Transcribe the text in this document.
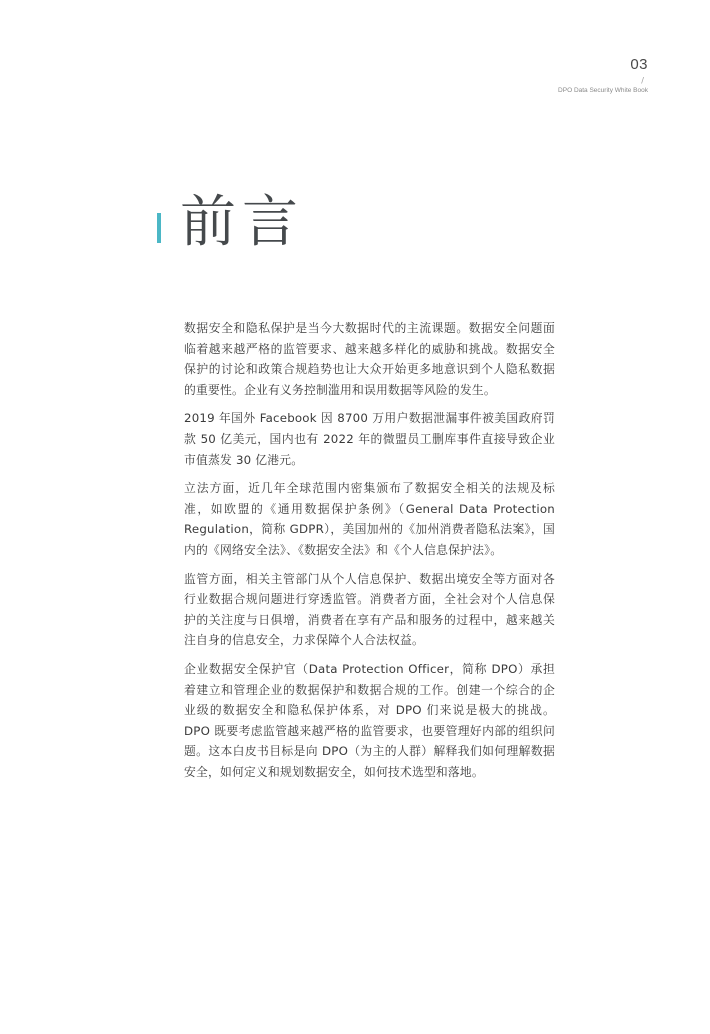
03
/
DPO Data Security White Book
前言

数据安全和隐私保护是当今大数据时代的主流课题。数据安全问题面临着越来越严格的监管要求、越来越多样化的威胁和挑战。数据安全保护的讨论和政策合规趋势也让大众开始更多地意识到个人隐私数据的重要性。企业有义务控制滥用和误用数据等风险的发生。

2019 年国外 Facebook 因 8700 万用户数据泄漏事件被美国政府罚款 50 亿美元，国内也有 2022 年的微盟员工删库事件直接导致企业市值蒸发 30 亿港元。

立法方面，近几年全球范围内密集颁布了数据安全相关的法规及标准，如欧盟的《通用数据保护条例》（General Data Protection Regulation，简称 GDPR），美国加州的《加州消费者隐私法案》，国内的《网络安全法》、《数据安全法》和《个人信息保护法》。

监管方面，相关主管部门从个人信息保护、数据出境安全等方面对各行业数据合规问题进行穿透监管。消费者方面，全社会对个人信息保护的关注度与日俱增，消费者在享有产品和服务的过程中，越来越关注自身的信息安全，力求保障个人合法权益。

企业数据安全保护官（Data Protection Officer，简称 DPO）承担着建立和管理企业的数据保护和数据合规的工作。创建一个综合的企业级的数据安全和隐私保护体系，对 DPO 们来说是极大的挑战。DPO 既要考虑监管越来越严格的监管要求，也要管理好内部的组织问题。这本白皮书目标是向 DPO（为主的人群）解释我们如何理解数据安全，如何定义和规划数据安全，如何技术选型和落地。
